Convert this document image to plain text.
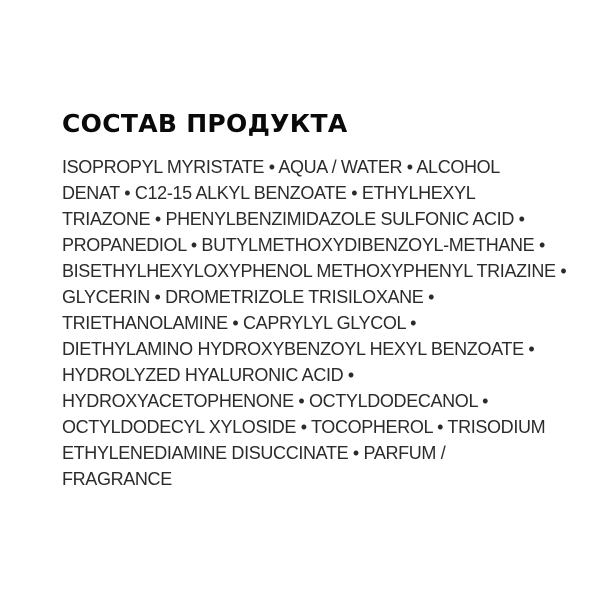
СОСТАВ ПРОДУКТА
ISOPROPYL MYRISTATE • AQUA / WATER • ALCOHOL
DENAT • C12-15 ALKYL BENZOATE • ETHYLHEXYL
TRIAZONE • PHENYLBENZIMIDAZOLE SULFONIC ACID •
PROPANEDIOL • BUTYLMETHOXYDIBENZOYL-METHANE •
BISETHYLHEXYLOXYPHENOL METHOXYPHENYL TRIAZINE •
GLYCERIN • DROMETRIZOLE TRISILOXANE •
TRIETHANOLAMINE • CAPRYLYL GLYCOL •
DIETHYLAMINO HYDROXYBENZOYL HEXYL BENZOATE •
HYDROLYZED HYALURONIC ACID •
HYDROXYACETOPHENONE • OCTYLDODECANOL •
OCTYLDODECYL XYLOSIDE • TOCOPHEROL • TRISODIUM
ETHYLENEDIAMINE DISUCCINATE • PARFUM /
FRAGRANCE
